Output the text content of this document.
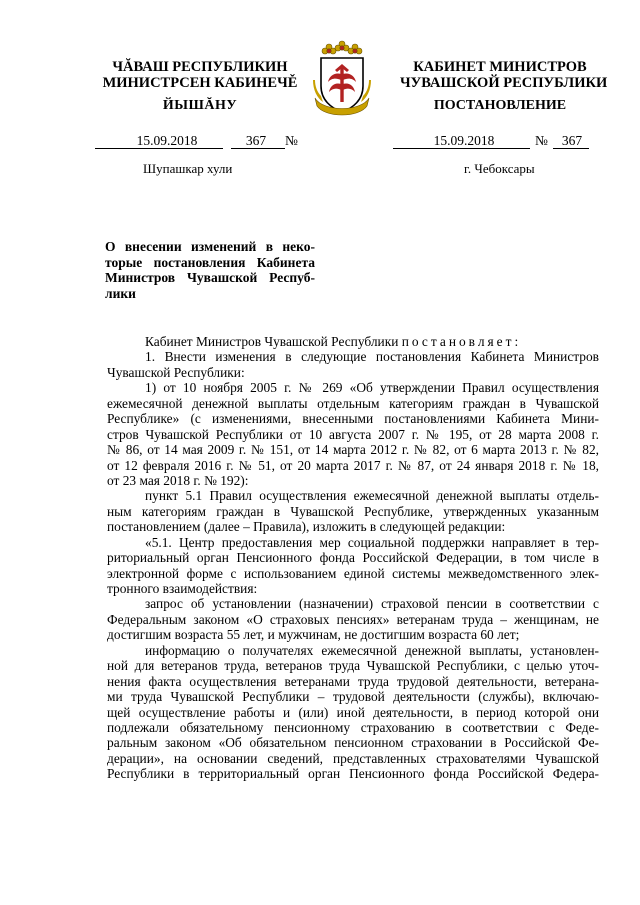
ЧĂВАШ РЕСПУБЛИКИН
МИНИСТРСЕН КАБИНЕЧĚ
КАБИНЕТ МИНИСТРОВ
ЧУВАШСКОЙ РЕСПУБЛИКИ
ЙЫШĂНУ	ПОСТАНОВЛЕНИЕ
15.09.2018	367	№	15.09.2018	№	367
Шупашкар хули	г. Чебоксары
О внесении изменений в неко-
торые постановления Кабинета
Министров Чувашской Респуб-
лики
Кабинет Министров Чувашской Республики постановляет:
1. Внести изменения в следующие постановления Кабинета Министров
Чувашской Республики:
1) от 10 ноября 2005 г. № 269 «Об утверждении Правил осуществления
ежемесячной денежной выплаты отдельным категориям граждан в Чувашской
Республике» (с изменениями, внесенными постановлениями Кабинета Мини-
стров Чувашской Республики от 10 августа 2007 г. № 195, от 28 марта 2008 г.
№ 86, от 14 мая 2009 г. № 151, от 14 марта 2012 г. № 82, от 6 марта 2013 г. № 82,
от 12 февраля 2016 г. № 51, от 20 марта 2017 г. № 87, от 24 января 2018 г. № 18,
от 23 мая 2018 г. № 192):
пункт 5.1 Правил осуществления ежемесячной денежной выплаты отдель-
ным категориям граждан в Чувашской Республике, утвержденных указанным
постановлением (далее – Правила), изложить в следующей редакции:
«5.1. Центр предоставления мер социальной поддержки направляет в тер-
риториальный орган Пенсионного фонда Российской Федерации, в том числе в
электронной форме с использованием единой системы межведомственного элек-
тронного взаимодействия:
запрос об установлении (назначении) страховой пенсии в соответствии с
Федеральным законом «О страховых пенсиях» ветеранам труда – женщинам, не
достигшим возраста 55 лет, и мужчинам, не достигшим возраста 60 лет;
информацию о получателях ежемесячной денежной выплаты, установлен-
ной для ветеранов труда, ветеранов труда Чувашской Республики, с целью уточ-
нения факта осуществления ветеранами труда трудовой деятельности, ветерана-
ми труда Чувашской Республики – трудовой деятельности (службы), включаю-
щей осуществление работы и (или) иной деятельности, в период которой они
подлежали обязательному пенсионному страхованию в соответствии с Феде-
ральным законом «Об обязательном пенсионном страховании в Российской Фе-
дерации», на основании сведений, представленных страхователями Чувашской
Республики в территориальный орган Пенсионного фонда Российской Федера-
